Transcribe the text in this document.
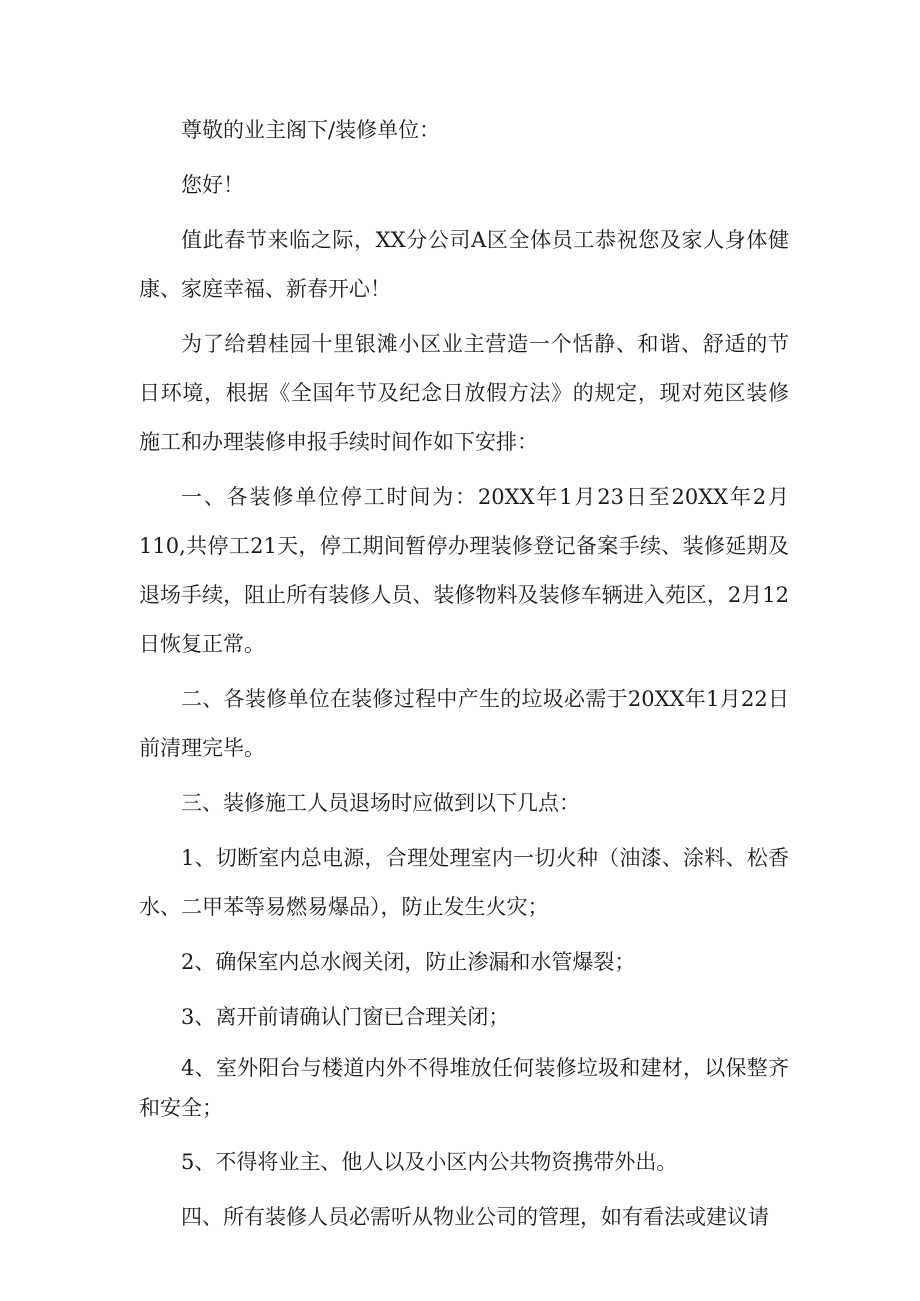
尊敬的业主阁下/装修单位：

您好！

值此春节来临之际，XX分公司A区全体员工恭祝您及家人身体健康、家庭幸福、新春开心！

为了给碧桂园十里银滩小区业主营造一个恬静、和谐、舒适的节日环境，根据《全国年节及纪念日放假方法》的规定，现对苑区装修施工和办理装修申报手续时间作如下安排：

一、各装修单位停工时间为：20XX年1月23日至20XX年2月110,共停工21天，停工期间暂停办理装修登记备案手续、装修延期及退场手续，阻止所有装修人员、装修物料及装修车辆进入苑区，2月12日恢复正常。

二、各装修单位在装修过程中产生的垃圾必需于20XX年1月22日前清理完毕。

三、装修施工人员退场时应做到以下几点：

1、切断室内总电源，合理处理室内一切火种（油漆、涂料、松香水、二甲苯等易燃易爆品），防止发生火灾；

2、确保室内总水阀关闭，防止渗漏和水管爆裂；

3、离开前请确认门窗已合理关闭；

4、室外阳台与楼道内外不得堆放任何装修垃圾和建材，以保整齐和安全；

5、不得将业主、他人以及小区内公共物资携带外出。

四、所有装修人员必需听从物业公司的管理，如有看法或建议请
